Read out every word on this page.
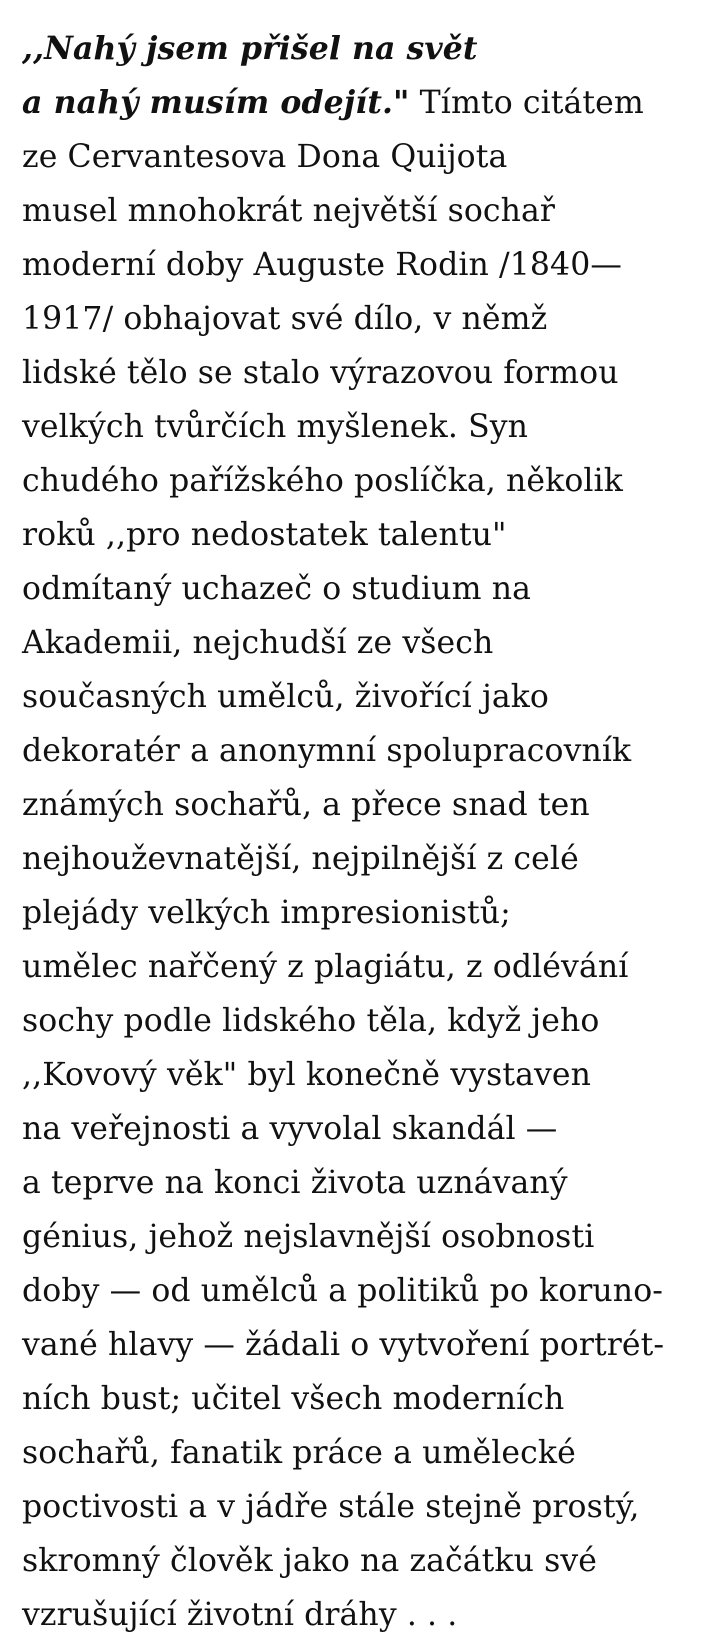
,,Nahý jsem přišel na svět
a nahý musím odejít." Tímto citátem
ze Cervantesova Dona Quijota
musel mnohokrát největší sochař
moderní doby Auguste Rodin /1840—
1917/ obhajovat své dílo, v němž
lidské tělo se stalo výrazovou formou
velkých tvůrčích myšlenek. Syn
chudého pařížského poslíčka, několik
roků ,,pro nedostatek talentu"
odmítaný uchazeč o studium na
Akademii, nejchudší ze všech
současných umělců, živořící jako
dekoratér a anonymní spolupracovník
známých sochařů, a přece snad ten
nejhouževnatější, nejpilnější z celé
plejády velkých impresionistů;
umělec nařčený z plagiátu, z odlévání
sochy podle lidského těla, když jeho
,,Kovový věk" byl konečně vystaven
na veřejnosti a vyvolal skandál —
a teprve na konci života uznávaný
génius, jehož nejslavnější osobnosti
doby — od umělců a politiků po koruno-
vané hlavy — žádali o vytvoření portrét-
ních bust; učitel všech moderních
sochařů, fanatik práce a umělecké
poctivosti a v jádře stále stejně prostý,
skromný člověk jako na začátku své
vzrušující životní dráhy . . .
